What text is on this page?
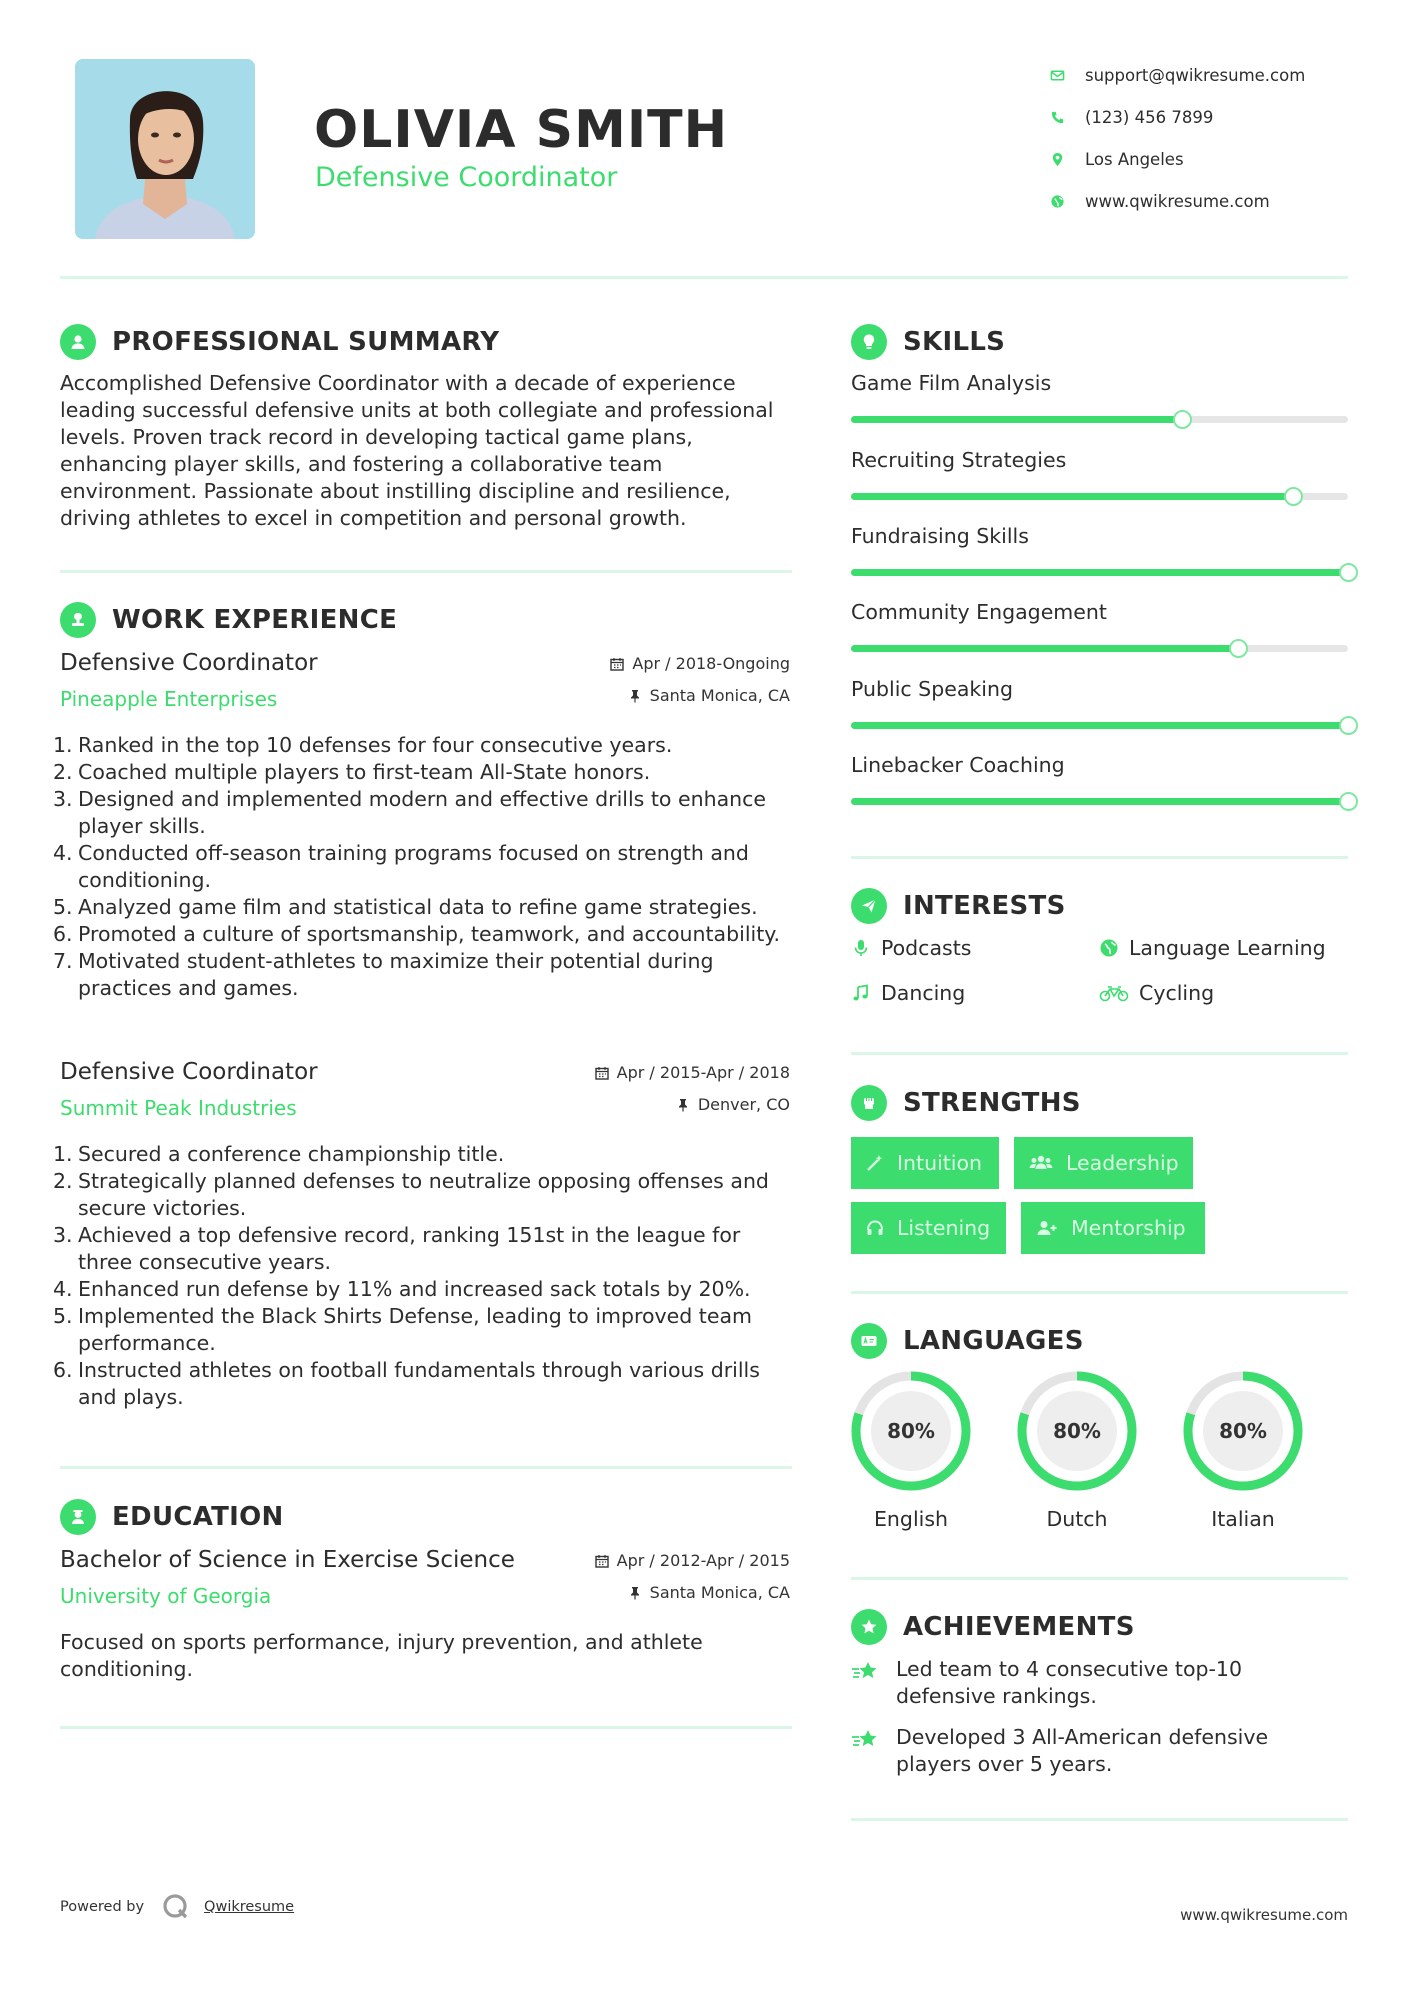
OLIVIA SMITH
Defensive Coordinator
support@qwikresume.com
(123) 456 7899
Los Angeles
www.qwikresume.com
PROFESSIONAL SUMMARY
Accomplished Defensive Coordinator with a decade of experience leading successful defensive units at both collegiate and professional levels. Proven track record in developing tactical game plans, enhancing player skills, and fostering a collaborative team environment. Passionate about instilling discipline and resilience, driving athletes to excel in competition and personal growth.
WORK EXPERIENCE
Defensive Coordinator
Pineapple Enterprises
Apr / 2018-Ongoing
Santa Monica, CA
1. Ranked in the top 10 defenses for four consecutive years.
2. Coached multiple players to first-team All-State honors.
3. Designed and implemented modern and effective drills to enhance player skills.
4. Conducted off-season training programs focused on strength and conditioning.
5. Analyzed game film and statistical data to refine game strategies.
6. Promoted a culture of sportsmanship, teamwork, and accountability.
7. Motivated student-athletes to maximize their potential during practices and games.
Defensive Coordinator
Summit Peak Industries
Apr / 2015-Apr / 2018
Denver, CO
1. Secured a conference championship title.
2. Strategically planned defenses to neutralize opposing offenses and secure victories.
3. Achieved a top defensive record, ranking 151st in the league for three consecutive years.
4. Enhanced run defense by 11% and increased sack totals by 20%.
5. Implemented the Black Shirts Defense, leading to improved team performance.
6. Instructed athletes on football fundamentals through various drills and plays.
EDUCATION
Bachelor of Science in Exercise Science
University of Georgia
Apr / 2012-Apr / 2015
Santa Monica, CA
Focused on sports performance, injury prevention, and athlete conditioning.
SKILLS
Game Film Analysis
Recruiting Strategies
Fundraising Skills
Community Engagement
Public Speaking
Linebacker Coaching
INTERESTS
Podcasts	Language Learning
Dancing	Cycling
STRENGTHS
Intuition	Leadership
Listening	Mentorship
LANGUAGES
80%
English
80%
Dutch
80%
Italian
ACHIEVEMENTS
Led team to 4 consecutive top-10 defensive rankings.
Developed 3 All-American defensive players over 5 years.
Powered by	Qwikresume	www.qwikresume.com
